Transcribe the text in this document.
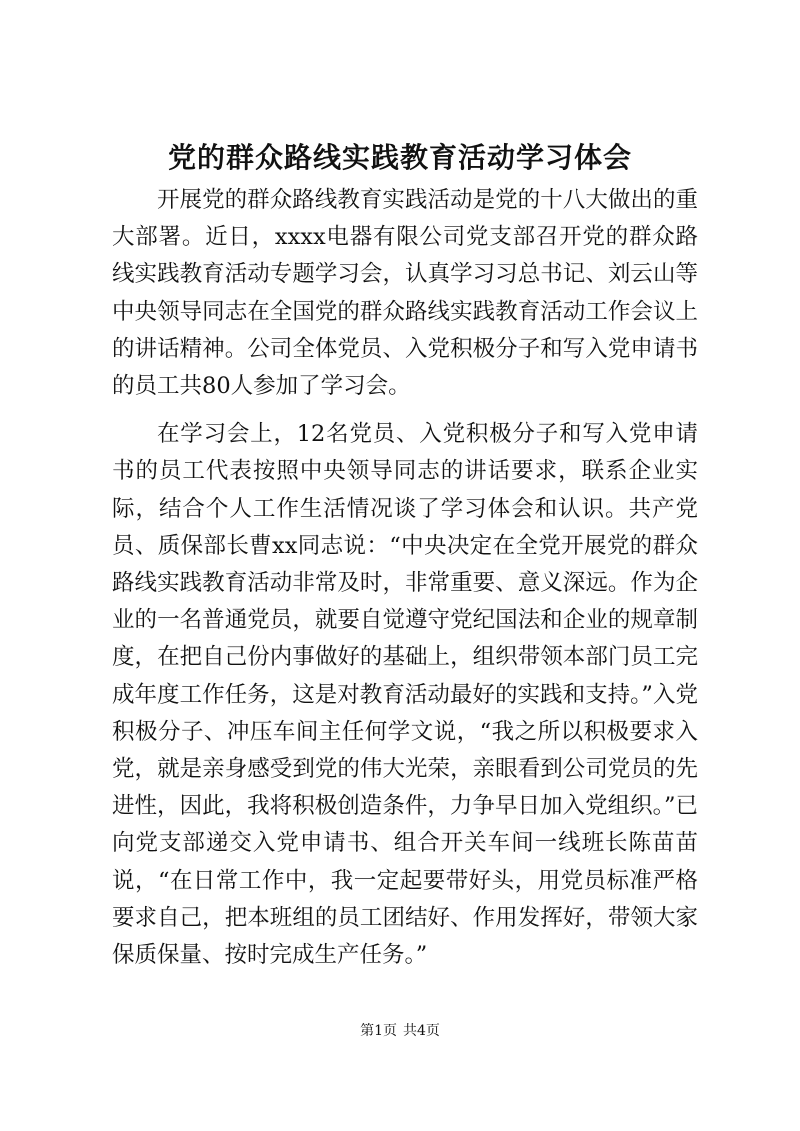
党的群众路线实践教育活动学习体会

开展党的群众路线教育实践活动是党的十八大做出的重大部署。近日，xxxx电器有限公司党支部召开党的群众路线实践教育活动专题学习会，认真学习习总书记、刘云山等中央领导同志在全国党的群众路线实践教育活动工作会议上的讲话精神。公司全体党员、入党积极分子和写入党申请书的员工共80人参加了学习会。

在学习会上，12名党员、入党积极分子和写入党申请书的员工代表按照中央领导同志的讲话要求，联系企业实际，结合个人工作生活情况谈了学习体会和认识。共产党员、质保部长曹xx同志说：“中央决定在全党开展党的群众路线实践教育活动非常及时，非常重要、意义深远。作为企业的一名普通党员，就要自觉遵守党纪国法和企业的规章制度，在把自己份内事做好的基础上，组织带领本部门员工完成年度工作任务，这是对教育活动最好的实践和支持。”入党积极分子、冲压车间主任何学文说，“我之所以积极要求入党，就是亲身感受到党的伟大光荣，亲眼看到公司党员的先进性，因此，我将积极创造条件，力争早日加入党组织。”已向党支部递交入党申请书、组合开关车间一线班长陈苗苗说，“在日常工作中，我一定起要带好头，用党员标准严格要求自己，把本班组的员工团结好、作用发挥好，带领大家保质保量、按时完成生产任务。”

第1页 共4页
